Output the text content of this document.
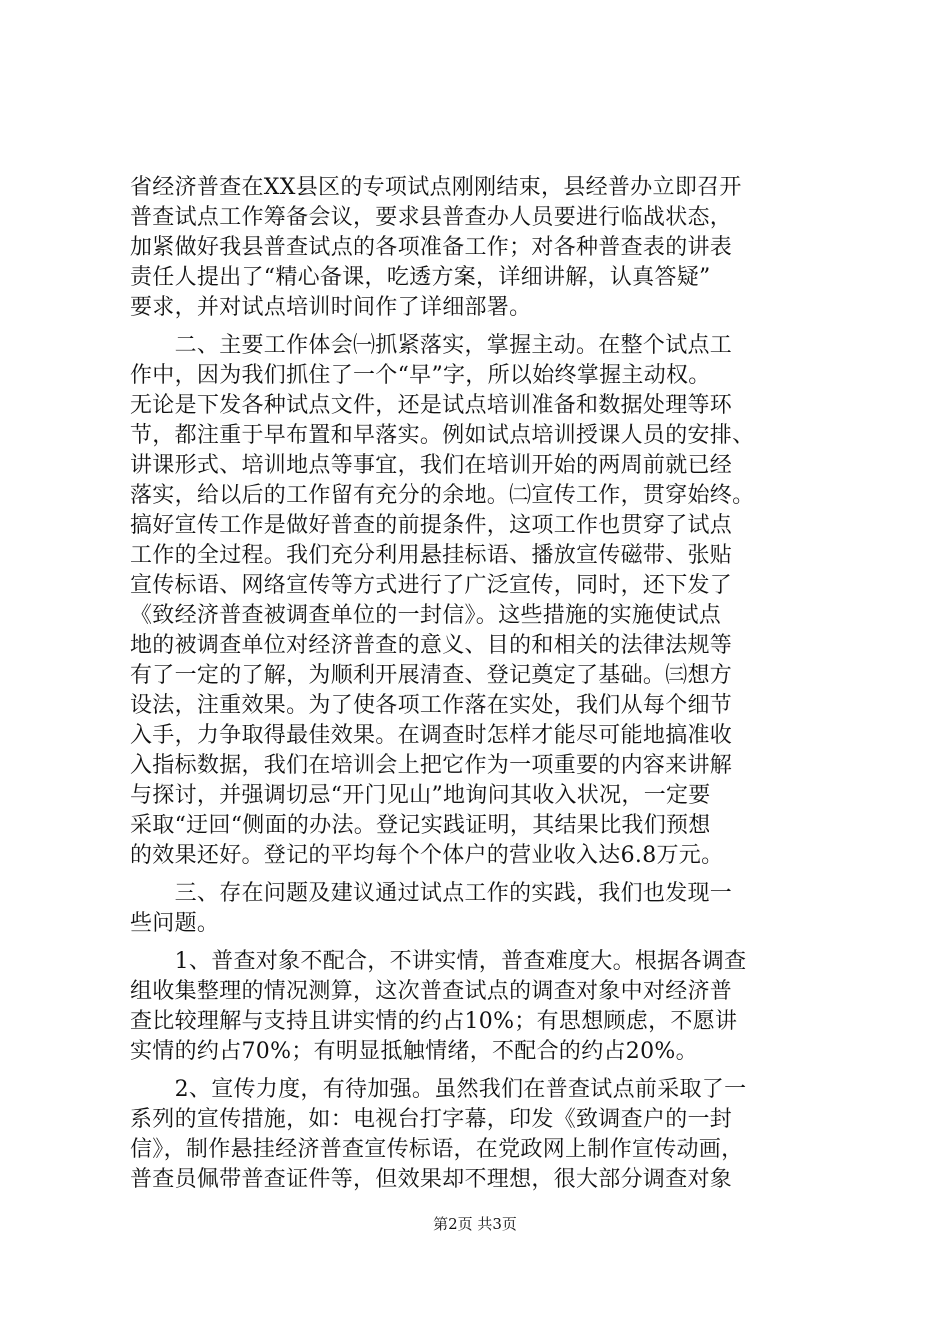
省经济普查在XX县区的专项试点刚刚结束，县经普办立即召开
普查试点工作筹备会议，要求县普查办人员要进行临战状态，
加紧做好我县普查试点的各项准备工作；对各种普查表的讲表
责任人提出了“精心备课，吃透方案，详细讲解，认真答疑”
要求，并对试点培训时间作了详细部署。
　　二、主要工作体会㈠抓紧落实，掌握主动。在整个试点工
作中，因为我们抓住了一个“早”字，所以始终掌握主动权。
无论是下发各种试点文件，还是试点培训准备和数据处理等环
节，都注重于早布置和早落实。例如试点培训授课人员的安排、
讲课形式、培训地点等事宜，我们在培训开始的两周前就已经
落实，给以后的工作留有充分的余地。㈡宣传工作，贯穿始终。
搞好宣传工作是做好普查的前提条件，这项工作也贯穿了试点
工作的全过程。我们充分利用悬挂标语、播放宣传磁带、张贴
宣传标语、网络宣传等方式进行了广泛宣传，同时，还下发了
《致经济普查被调查单位的一封信》。这些措施的实施使试点
地的被调查单位对经济普查的意义、目的和相关的法律法规等
有了一定的了解，为顺利开展清查、登记奠定了基础。㈢想方
设法，注重效果。为了使各项工作落在实处，我们从每个细节
入手，力争取得最佳效果。在调查时怎样才能尽可能地搞准收
入指标数据，我们在培训会上把它作为一项重要的内容来讲解
与探讨，并强调切忌“开门见山”地询问其收入状况，一定要
采取“迂回“侧面的办法。登记实践证明，其结果比我们预想
的效果还好。登记的平均每个个体户的营业收入达6.8万元。
　　三、存在问题及建议通过试点工作的实践，我们也发现一
些问题。
　　1、普查对象不配合，不讲实情，普查难度大。根据各调查
组收集整理的情况测算，这次普查试点的调查对象中对经济普
查比较理解与支持且讲实情的约占10%；有思想顾虑，不愿讲
实情的约占70%；有明显抵触情绪，不配合的约占20%。
　　2、宣传力度，有待加强。虽然我们在普查试点前采取了一
系列的宣传措施，如：电视台打字幕，印发《致调查户的一封
信》，制作悬挂经济普查宣传标语，在党政网上制作宣传动画，
普查员佩带普查证件等，但效果却不理想，很大部分调查对象
第2页 共3页
